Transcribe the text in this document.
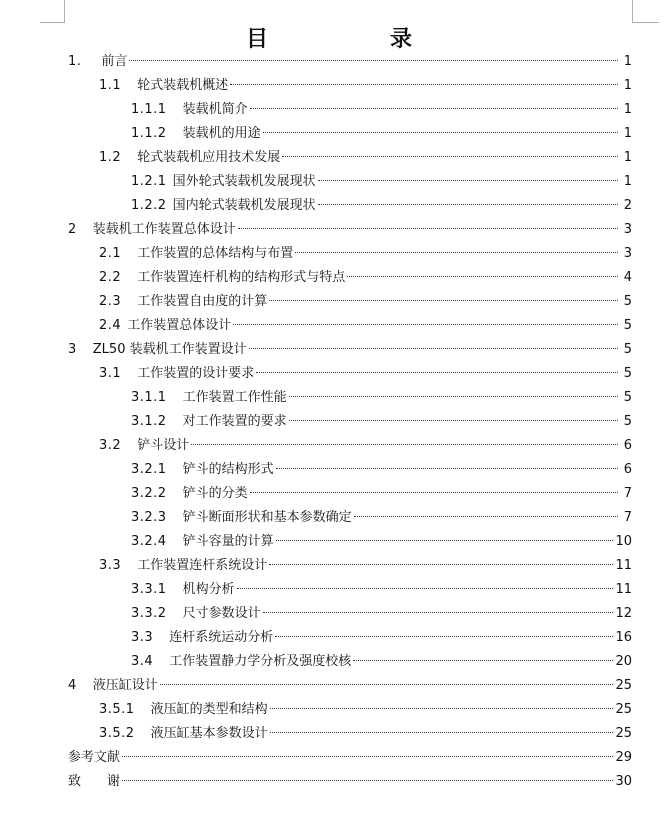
目　　录
1. 前言	1
1.1 轮式装载机概述	1
1.1.1 装载机简介	1
1.1.2 装载机的用途	1
1.2 轮式装载机应用技术发展	1
1.2.1 国外轮式装载机发展现状	1
1.2.2 国内轮式装载机发展现状	2
2 装载机工作装置总体设计	3
2.1 工作装置的总体结构与布置	3
2.2 工作装置连杆机构的结构形式与特点	4
2.3 工作装置自由度的计算	5
2.4 工作装置总体设计	5
3 ZL50 装载机工作装置设计	5
3.1 工作装置的设计要求	5
3.1.1 工作装置工作性能	5
3.1.2 对工作装置的要求	5
3.2 铲斗设计	6
3.2.1 铲斗的结构形式	6
3.2.2 铲斗的分类	7
3.2.3 铲斗断面形状和基本参数确定	7
3.2.4 铲斗容量的计算	10
3.3 工作装置连杆系统设计	11
3.3.1 机构分析	11
3.3.2 尺寸参数设计	12
3.3 连杆系统运动分析	16
3.4 工作装置静力学分析及强度校核	20
4 液压缸设计	25
3.5.1 液压缸的类型和结构	25
3.5.2 液压缸基本参数设计	25
参考文献	29
致　　谢	30
